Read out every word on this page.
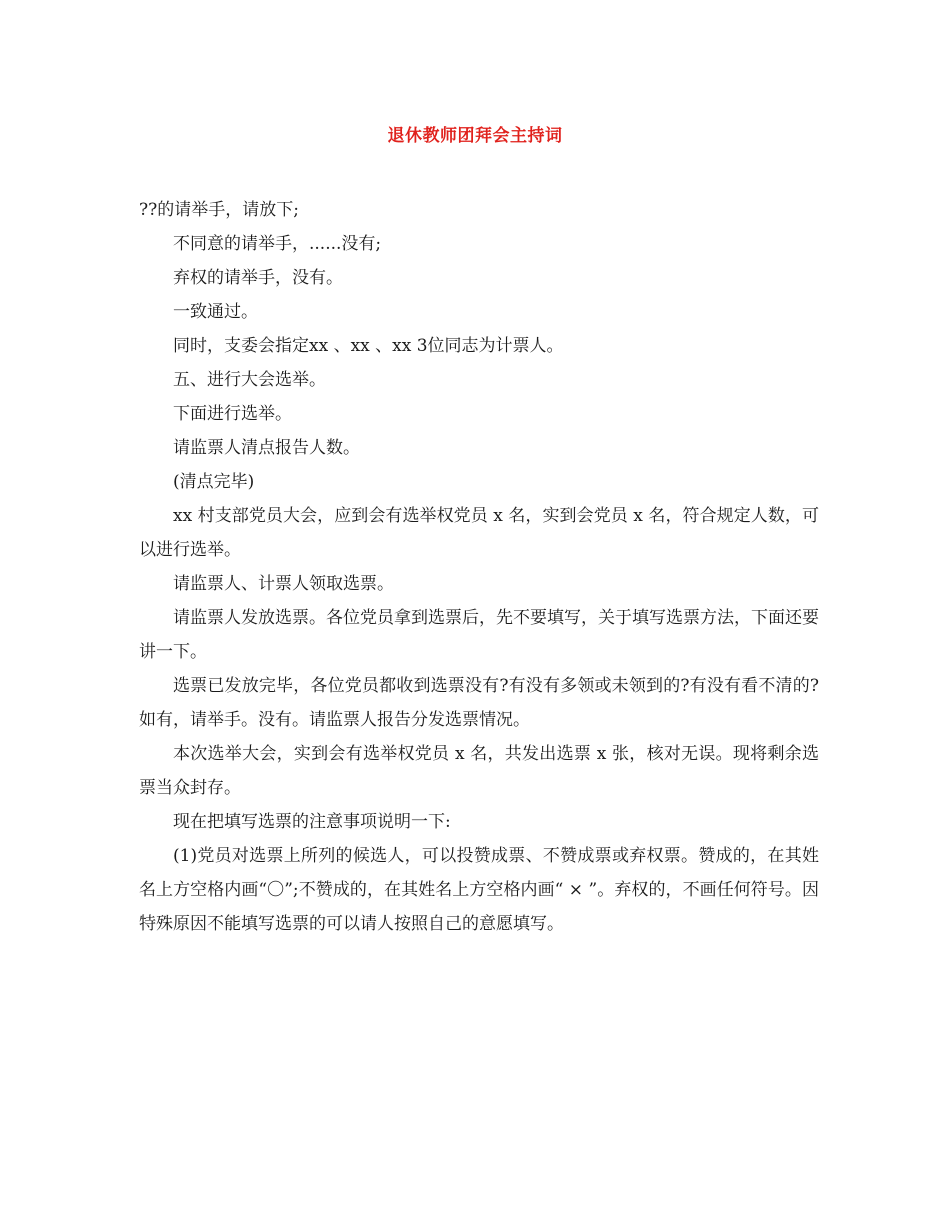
退休教师团拜会主持词

??的请举手，请放下;

不同意的请举手，......没有;

弃权的请举手，没有。

一致通过。

同时，支委会指定xx 、xx 、xx 3位同志为计票人。

五、进行大会选举。

下面进行选举。

请监票人清点报告人数。

(清点完毕)

xx 村支部党员大会，应到会有选举权党员 x 名，实到会党员 x 名，符合规定人数，可以进行选举。

请监票人、计票人领取选票。

请监票人发放选票。各位党员拿到选票后，先不要填写，关于填写选票方法，下面还要讲一下。

选票已发放完毕，各位党员都收到选票没有?有没有多领或未领到的?有没有看不清的?如有，请举手。没有。请监票人报告分发选票情况。

本次选举大会，实到会有选举权党员 x 名，共发出选票 x 张，核对无误。现将剩余选票当众封存。

现在把填写选票的注意事项说明一下:

(1)党员对选票上所列的候选人，可以投赞成票、不赞成票或弃权票。赞成的，在其姓名上方空格内画“〇”;不赞成的，在其姓名上方空格内画“ × ”。弃权的，不画任何符号。因特殊原因不能填写选票的可以请人按照自己的意愿填写。
